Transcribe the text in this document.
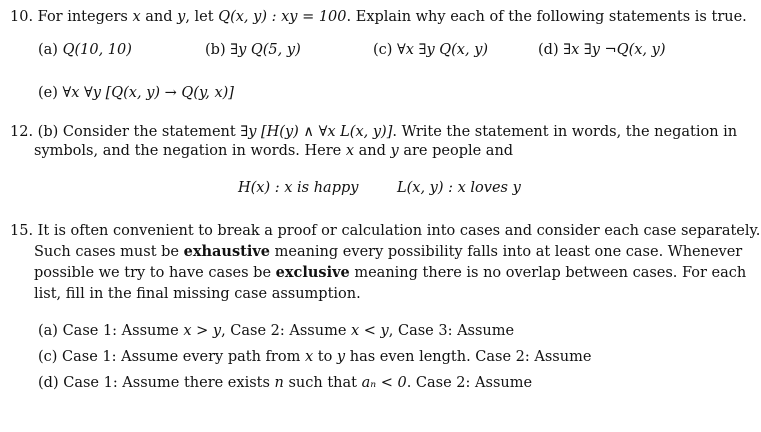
10. For integers x and y, let Q(x, y) : xy = 100. Explain why each of the following statements is true.
(a) Q(10, 10)	(b) ∃y Q(5, y)	(c) ∀x ∃y Q(x, y)	(d) ∃x ∃y ¬Q(x, y)
(e) ∀x ∀y [Q(x, y) → Q(y, x)]
12. (b) Consider the statement ∃y [H(y) ∧ ∀x L(x, y)]. Write the statement in words, the negation in
symbols, and the negation in words. Here x and y are people and
H(x) : x is happy	L(x, y) : x loves y
15. It is often convenient to break a proof or calculation into cases and consider each case separately.
Such cases must be exhaustive meaning every possibility falls into at least one case. Whenever
possible we try to have cases be exclusive meaning there is no overlap between cases. For each
list, fill in the final missing case assumption.
(a) Case 1: Assume x > y, Case 2: Assume x < y, Case 3: Assume
(c) Case 1: Assume every path from x to y has even length. Case 2: Assume
(d) Case 1: Assume there exists n such that aₙ < 0. Case 2: Assume
